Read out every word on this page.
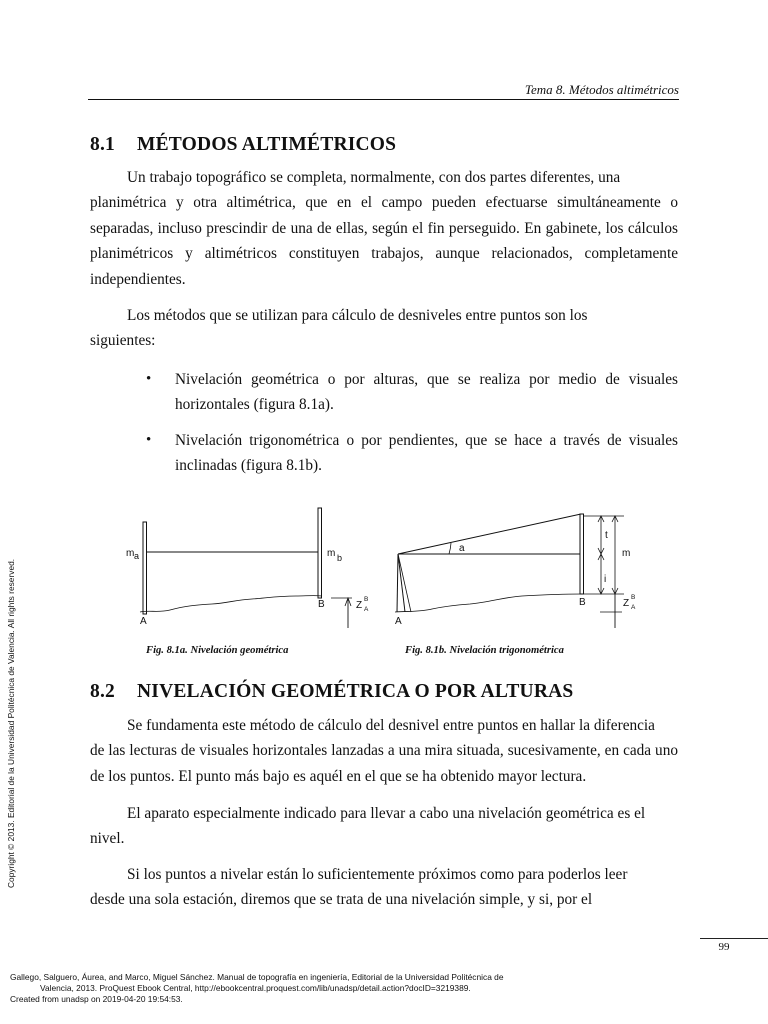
Tema 8. Métodos altimétricos
8.1 MÉTODOS ALTIMÉTRICOS
Un trabajo topográfico se completa, normalmente, con dos partes diferentes, una
planimétrica y otra altimétrica, que en el campo pueden efectuarse simultáneamente o separadas, incluso prescindir de una de ellas, según el fin perseguido. En gabinete, los cálculos planimétricos y altimétricos constituyen trabajos, aunque relacionados, completamente independientes.
Los métodos que se utilizan para cálculo de desniveles entre puntos son los
siguientes:
•	Nivelación geométrica o por alturas, que se realiza por medio de visuales horizontales (figura 8.1a).
•	Nivelación trigonométrica o por pendientes, que se hace a través de visuales inclinadas (figura 8.1b).
m a	m b
A
B	Z
B
A
a
t
m
i
A
B	Z
B
A
Fig. 8.1a. Nivelación geométrica	Fig. 8.1b. Nivelación trigonométrica
8.2 NIVELACIÓN GEOMÉTRICA O POR ALTURAS
Se fundamenta este método de cálculo del desnivel entre puntos en hallar la diferencia
de las lecturas de visuales horizontales lanzadas a una mira situada, sucesivamente, en cada uno de los puntos. El punto más bajo es aquél en el que se ha obtenido mayor lectura.
El aparato especialmente indicado para llevar a cabo una nivelación geométrica es el
nivel.
Si los puntos a nivelar están lo suficientemente próximos como para poderlos leer
desde una sola estación, diremos que se trata de una nivelación simple, y si, por el
99
Copyright © 2013. Editorial de la Universidad Politécnica de Valencia. All rights reserved.
Gallego, Salguero, Áurea, and Marco, Miguel Sánchez. Manual de topografía en ingeniería, Editorial de la Universidad Politécnica de
Valencia, 2013. ProQuest Ebook Central, http://ebookcentral.proquest.com/lib/unadsp/detail.action?docID=3219389.
Created from unadsp on 2019-04-20 19:54:53.
